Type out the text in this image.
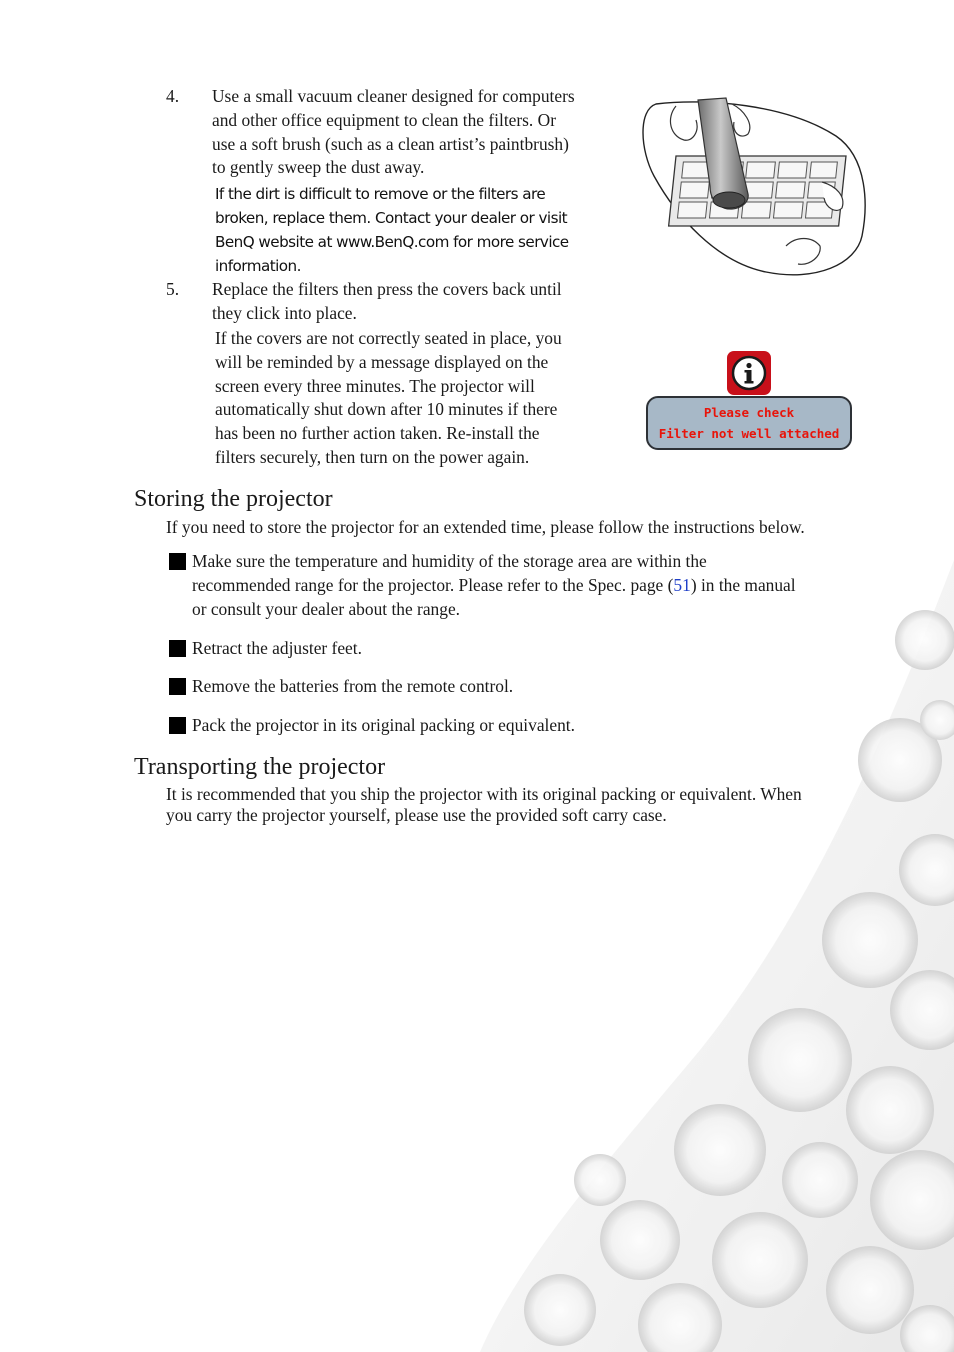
4. Use a small vacuum cleaner designed for computers
and other office equipment to clean the filters. Or
use a soft brush (such as a clean artist’s paintbrush)
to gently sweep the dust away.
If the dirt is difficult to remove or the filters are
broken, replace them. Contact your dealer or visit
BenQ website at www.BenQ.com for more service
information.
5. Replace the filters then press the covers back until
they click into place.
If the covers are not correctly seated in place, you
will be reminded by a message displayed on the
screen every three minutes. The projector will
automatically shut down after 10 minutes if there
has been no further action taken. Re-install the
filters securely, then turn on the power again.
Please check
Filter not well attached
Storing the projector
If you need to store the projector for an extended time, please follow the instructions below.
Make sure the temperature and humidity of the storage area are within the
recommended range for the projector. Please refer to the Spec. page (51) in the manual
or consult your dealer about the range.
Retract the adjuster feet.
Remove the batteries from the remote control.
Pack the projector in its original packing or equivalent.
Transporting the projector
It is recommended that you ship the projector with its original packing or equivalent. When
you carry the projector yourself, please use the provided soft carry case.
